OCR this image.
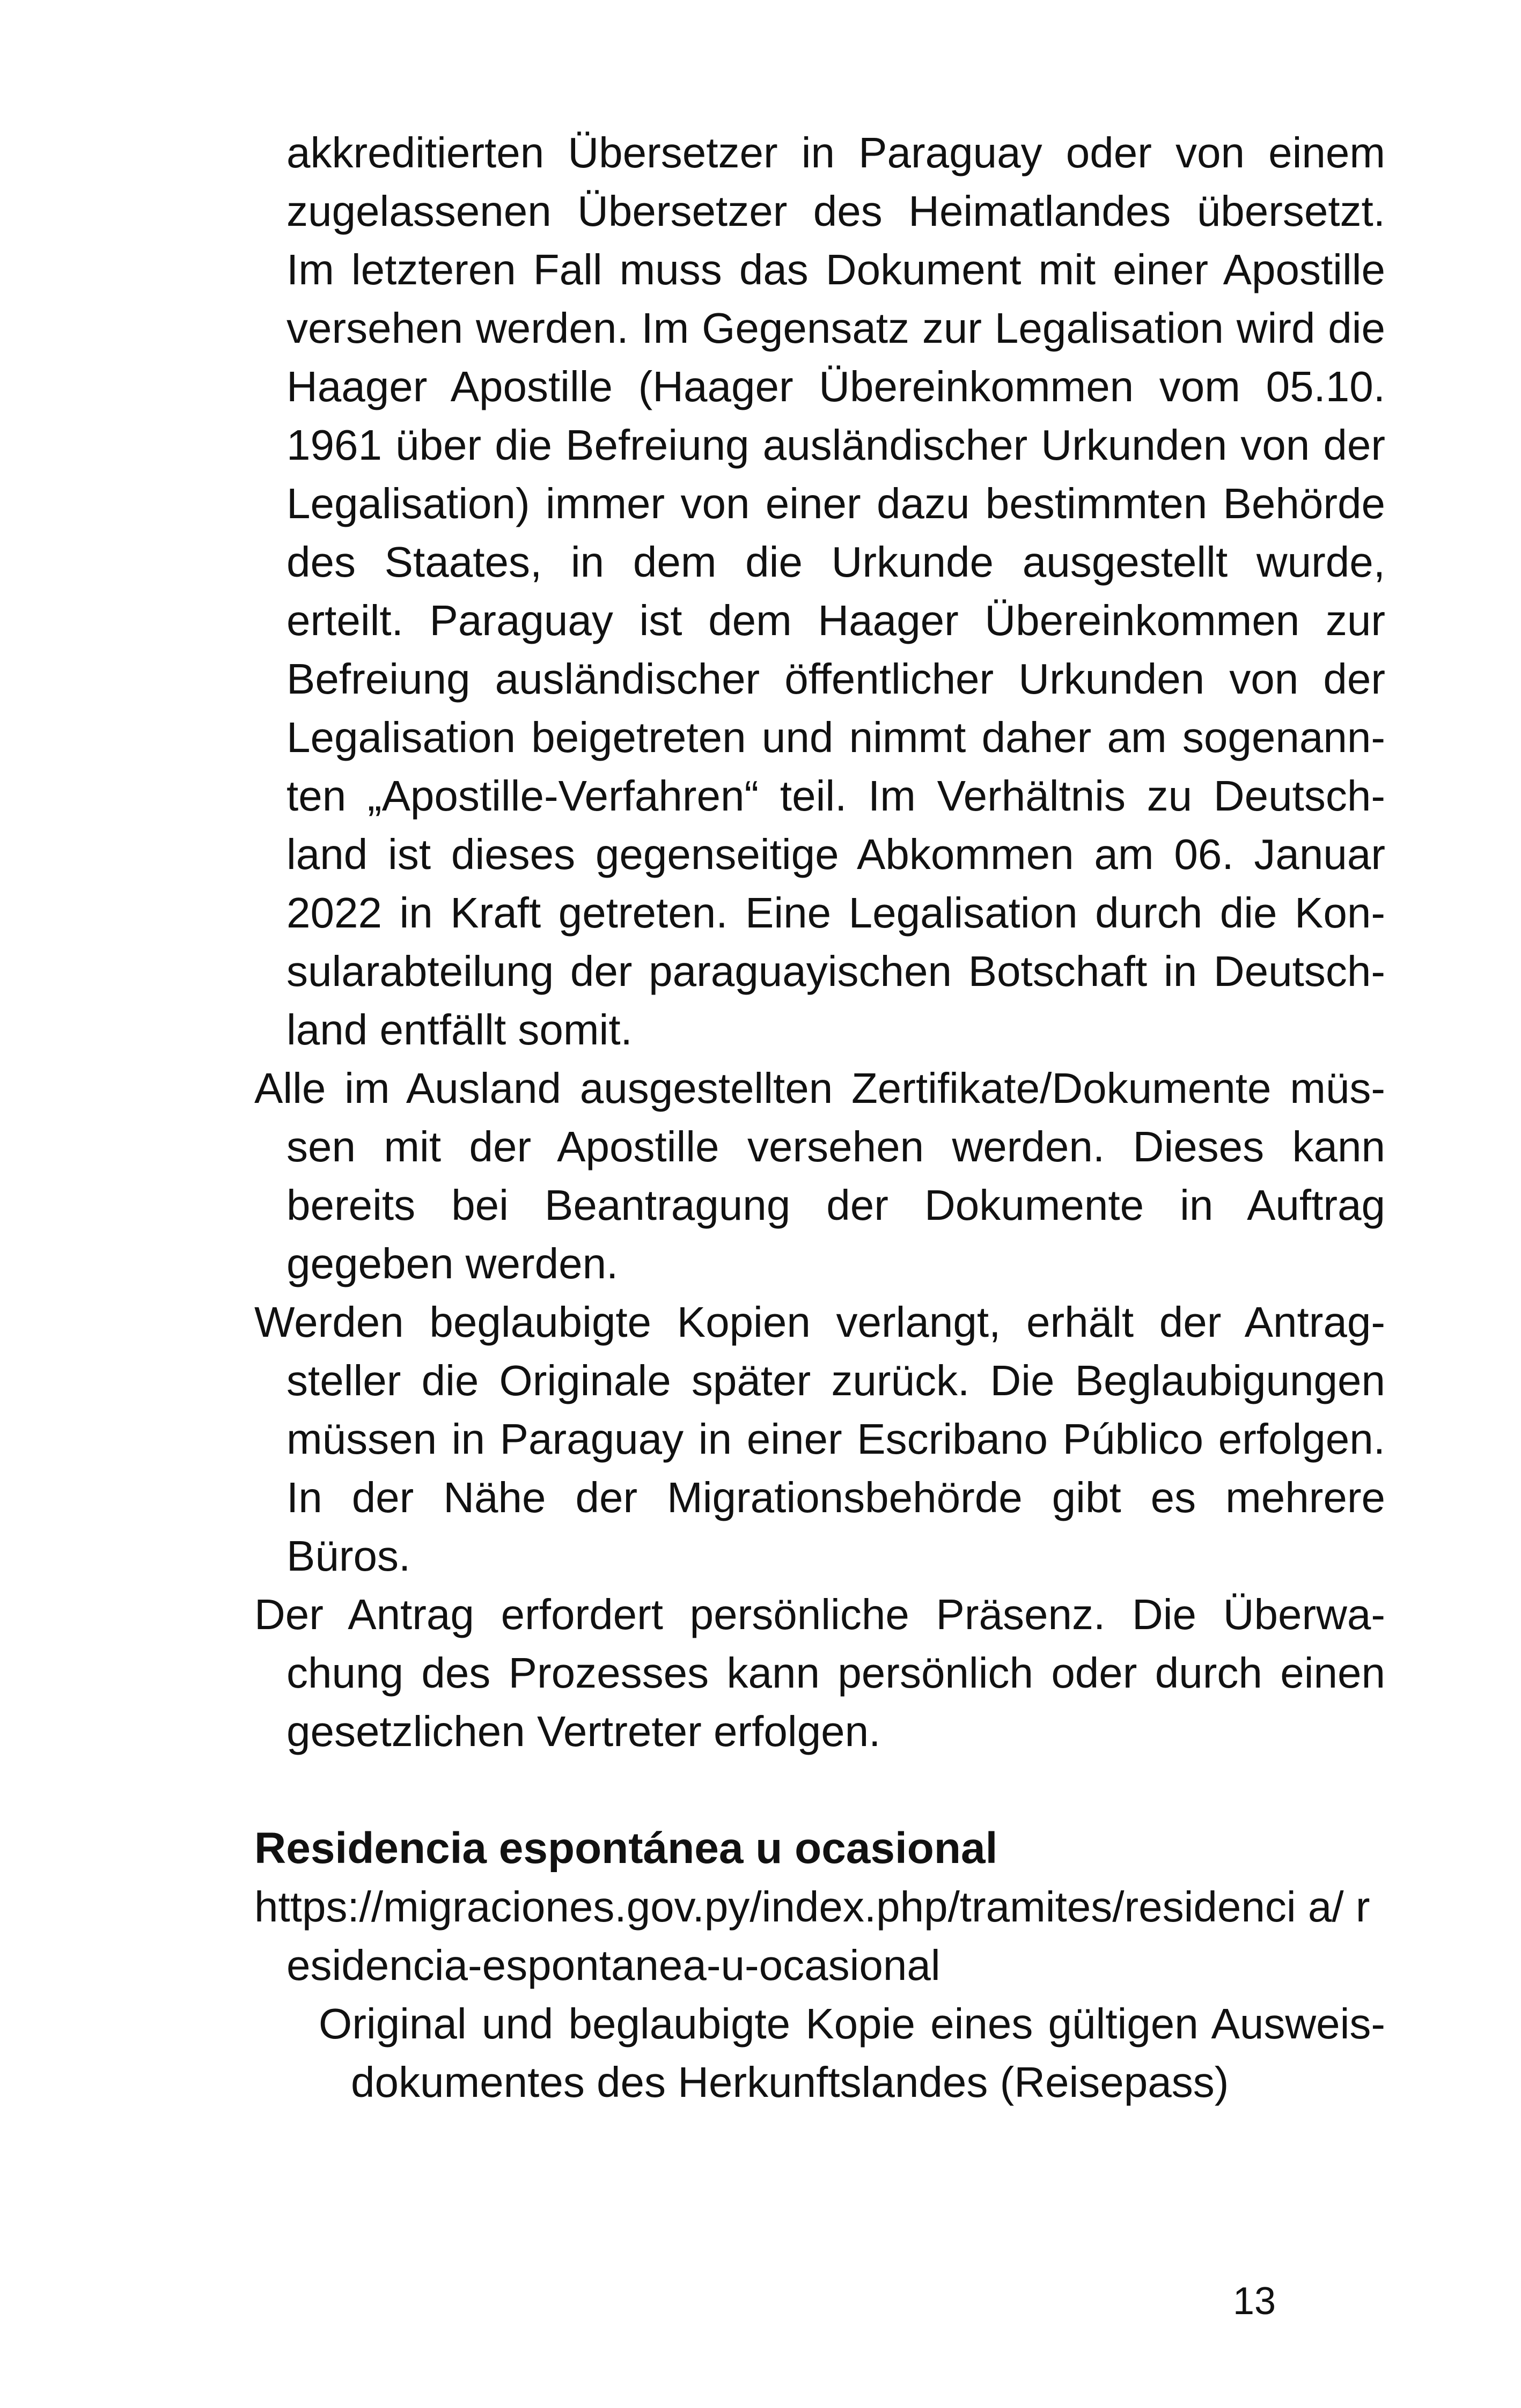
akkreditierten Übersetzer in Paraguay oder von einem zugelassenen Übersetzer des Heimatlandes übersetzt. Im letzteren Fall muss das Dokument mit einer Apostille versehen werden. Im Gegensatz zur Legalisation wird die Haager Apostille (Haager Übereinkommen vom 05.10. 1961 über die Befreiung ausländischer Urkunden von der Legalisation) immer von einer dazu bestimmten Behörde des Staates, in dem die Urkunde ausgestellt wurde, erteilt. Paraguay ist dem Haager Übereinkommen zur Befreiung ausländischer öffentlicher Urkunden von der Legalisation beigetreten und nimmt daher am sogenannten „Apostille-Verfahren“ teil. Im Verhältnis zu Deutschland ist dieses gegenseitige Abkommen am 06. Januar 2022 in Kraft getreten. Eine Legalisation durch die Konsularabteilung der paraguayischen Botschaft in Deutschland entfällt somit.

Alle im Ausland ausgestellten Zertifikate/Dokumente müssen mit der Apostille versehen werden. Dieses kann bereits bei Beantragung der Dokumente in Auftrag gegeben werden.

Werden beglaubigte Kopien verlangt, erhält der Antragsteller die Originale später zurück. Die Beglaubigungen müssen in Paraguay in einer Escribano Público erfolgen. In der Nähe der Migrationsbehörde gibt es mehrere Büros.

Der Antrag erfordert persönliche Präsenz. Die Überwachung des Prozesses kann persönlich oder durch einen gesetzlichen Vertreter erfolgen.

Residencia espontánea u ocasional

https://migraciones.gov.py/index.php/tramites/residenci a/ residencia-espontanea-u-ocasional

Original und beglaubigte Kopie eines gültigen Ausweisdokumentes des Herkunftslandes (Reisepass)

13
